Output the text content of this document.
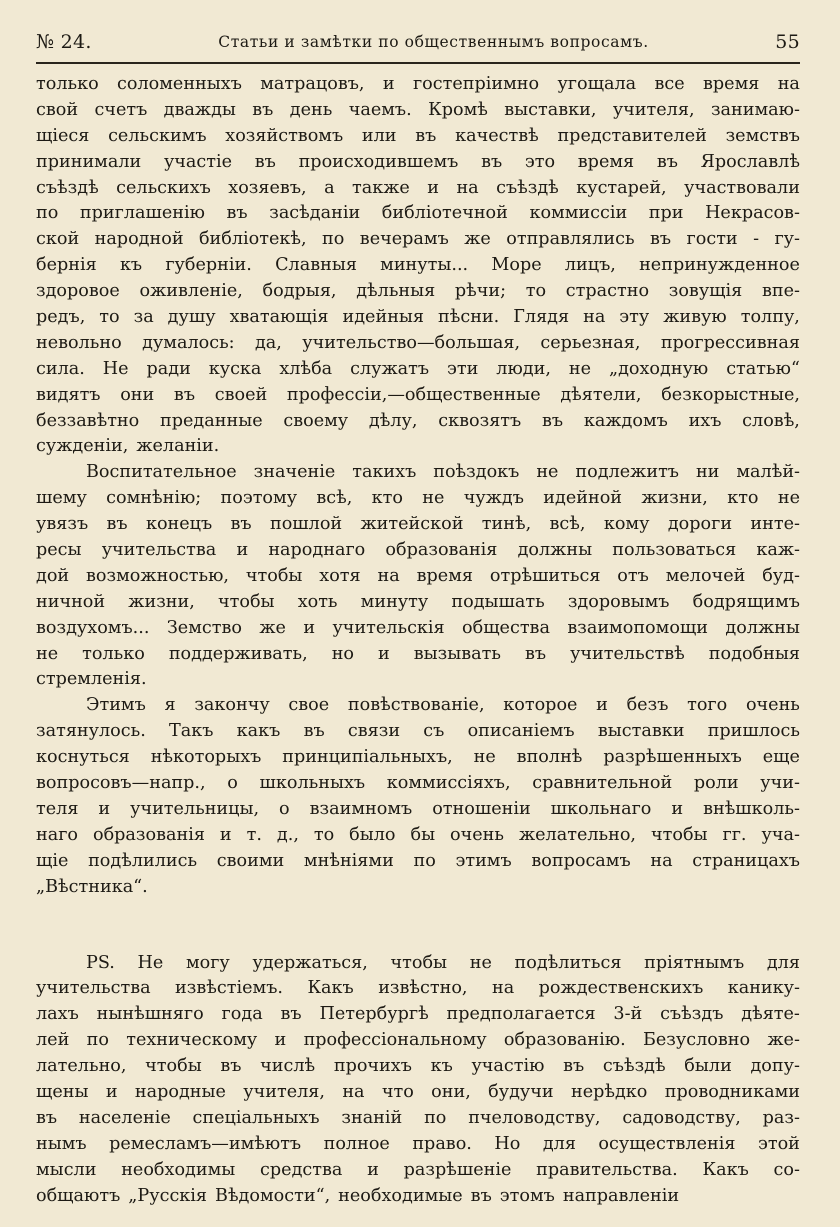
№ 24.	Статьи и замѣтки по общественнымъ вопросамъ.	55
только соломенныхъ матрацовъ, и гостепріимно угощала все время на
свой счетъ дважды въ день чаемъ. Кромѣ выставки, учителя, занимаю-
щіеся сельскимъ хозяйствомъ или въ качествѣ представителей земствъ
принимали участіе въ происходившемъ въ это время въ Ярославлѣ
съѣздѣ сельскихъ хозяевъ, а также и на съѣздѣ кустарей, участвовали
по приглашенію въ засѣданіи библіотечной коммиссіи при Некрасов-
ской народной библіотекѣ, по вечерамъ же отправлялись въ гости - гу-
бернія къ губерніи. Славныя минуты... Море лицъ, непринужденное
здоровое оживленіе, бодрыя, дѣльныя рѣчи; то страстно зовущія впе-
редъ, то за душу хватающія идейныя пѣсни. Глядя на эту живую толпу,
невольно думалось: да, учительство—большая, серьезная, прогрессивная
сила. Не ради куска хлѣба служатъ эти люди, не „доходную статью“
видятъ они въ своей профессіи,—общественные дѣятели, безкорыстные,
беззавѣтно преданные своему дѣлу, сквозятъ въ каждомъ ихъ словѣ,
сужденіи, желаніи.
Воспитательное значеніе такихъ поѣздокъ не подлежитъ ни малѣй-
шему сомнѣнію; поэтому всѣ, кто не чуждъ идейной жизни, кто не
увязъ въ конецъ въ пошлой житейской тинѣ, всѣ, кому дороги инте-
ресы учительства и народнаго образованія должны пользоваться каж-
дой возможностью, чтобы хотя на время отрѣшиться отъ мелочей буд-
ничной жизни, чтобы хоть минуту подышать здоровымъ бодрящимъ
воздухомъ... Земство же и учительскія общества взаимопомощи должны
не только поддерживать, но и вызывать въ учительствѣ подобныя
стремленія.
Этимъ я закончу свое повѣствованіе, которое и безъ того очень
затянулось. Такъ какъ въ связи съ описаніемъ выставки пришлось
коснуться нѣкоторыхъ принципіальныхъ, не вполнѣ разрѣшенныхъ еще
вопросовъ—напр., о школьныхъ коммиссіяхъ, сравнительной роли учи-
теля и учительницы, о взаимномъ отношеніи школьнаго и внѣшколь-
наго образованія и т. д., то было бы очень желательно, чтобы гг. уча-
щіе подѣлились своими мнѣніями по этимъ вопросамъ на страницахъ
„Вѣстника“.
PS. Не могу удержаться, чтобы не подѣлиться пріятнымъ для
учительства извѣстіемъ. Какъ извѣстно, на рождественскихъ канику-
лахъ нынѣшняго года въ Петербургѣ предполагается 3-й съѣздъ дѣяте-
лей по техническому и профессіональному образованію. Безусловно же-
лательно, чтобы въ числѣ прочихъ къ участію въ съѣздѣ были допу-
щены и народные учителя, на что они, будучи нерѣдко проводниками
въ населеніе спеціальныхъ знаній по пчеловодству, садоводству, раз-
нымъ ремесламъ—имѣютъ полное право. Но для осуществленія этой
мысли необходимы средства и разрѣшеніе правительства. Какъ со-
общаютъ „Русскія Вѣдомости“, необходимые въ этомъ направленіи
